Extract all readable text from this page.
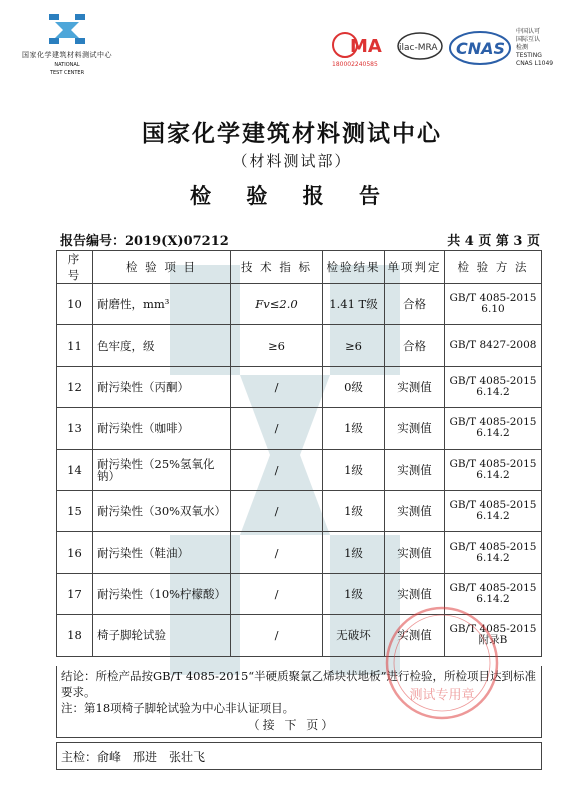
国家化学建筑材料测试中心
NATIONAL
TEST CENTER
MA
180002240585
ilac-MRA CNAS
中国认可
国际互认
检测
TESTING
CNAS L1049
国家化学建筑材料测试中心
（材料测试部）
检 验 报 告
报告编号：2019(X)07212	共 4 页 第 3 页
序 号	检 验 项 目	技 术 指 标	检验结果	单项判定	检 验 方 法
10	耐磨性，mm³	Fv≤2.0	1.41 T级	合格	GB/T 4085-2015 6.10
11	色牢度，级	≥6	≥6	合格	GB/T 8427-2008
12	耐污染性（丙酮）	/	0级	实测值	GB/T 4085-2015 6.14.2
13	耐污染性（咖啡）	/	1级	实测值	GB/T 4085-2015 6.14.2
14	耐污染性（25%氢氧化钠）	/	1级	实测值	GB/T 4085-2015 6.14.2
15	耐污染性（30%双氧水）	/	1级	实测值	GB/T 4085-2015 6.14.2
16	耐污染性（鞋油）	/	1级	实测值	GB/T 4085-2015 6.14.2
17	耐污染性（10%柠檬酸）	/	1级	实测值	GB/T 4085-2015 6.14.2
18	椅子脚轮试验	/	无破坏	实测值	GB/T 4085-2015 附录B
结论：所检产品按GB/T 4085-2015“半硬质聚氯乙烯块状地板”进行检验，所检项目达到标准要求。
注：第18项椅子脚轮试验为中心非认证项目。
（接 下 页）
主检：俞峰　邢进　张壮飞
测试专用章
